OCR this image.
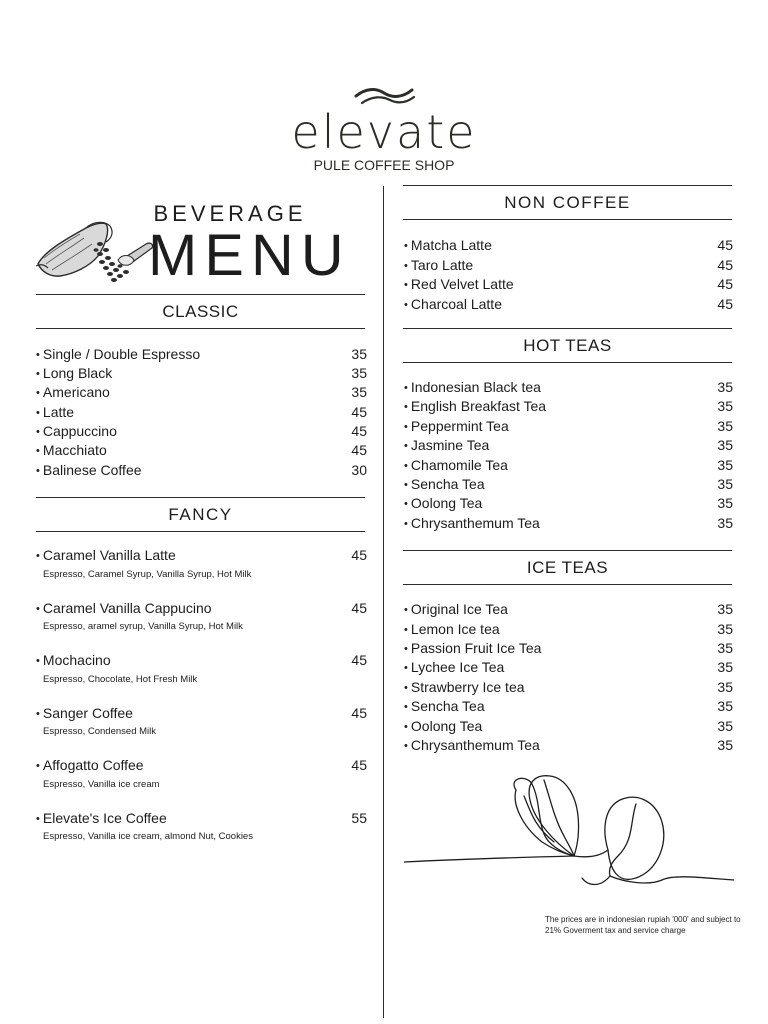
elevate
PULE COFFEE SHOP
BEVERAGE
MENU
CLASSIC
• Single / Double Espresso	35
• Long Black	35
• Americano	35
• Latte	45
• Cappuccino	45
• Macchiato	45
• Balinese Coffee	30
FANCY
• Caramel Vanilla Latte	45
Espresso, Caramel Syrup, Vanilla Syrup, Hot Milk
• Caramel Vanilla Cappucino	45
Espresso, aramel syrup, Vanilla Syrup, Hot Milk
• Mochacino	45
Espresso, Chocolate, Hot Fresh Milk
• Sanger Coffee	45
Espresso, Condensed Milk
• Affogatto Coffee	45
Espresso, Vanilla ice cream
• Elevate's Ice Coffee	55
Espresso, Vanilla ice cream, almond Nut, Cookies
NON COFFEE
• Matcha Latte	45
• Taro Latte	45
• Red Velvet Latte	45
• Charcoal Latte	45
HOT TEAS
• Indonesian Black tea	35
• English Breakfast Tea	35
• Peppermint Tea	35
• Jasmine Tea	35
• Chamomile Tea	35
• Sencha Tea	35
• Oolong Tea	35
• Chrysanthemum Tea	35
ICE TEAS
• Original Ice Tea	35
• Lemon Ice tea	35
• Passion Fruit Ice Tea	35
• Lychee Ice Tea	35
• Strawberry Ice tea	35
• Sencha Tea	35
• Oolong Tea	35
• Chrysanthemum Tea	35
The prices are in indonesian rupiah '000' and subject to 21% Goverment tax and service charge
